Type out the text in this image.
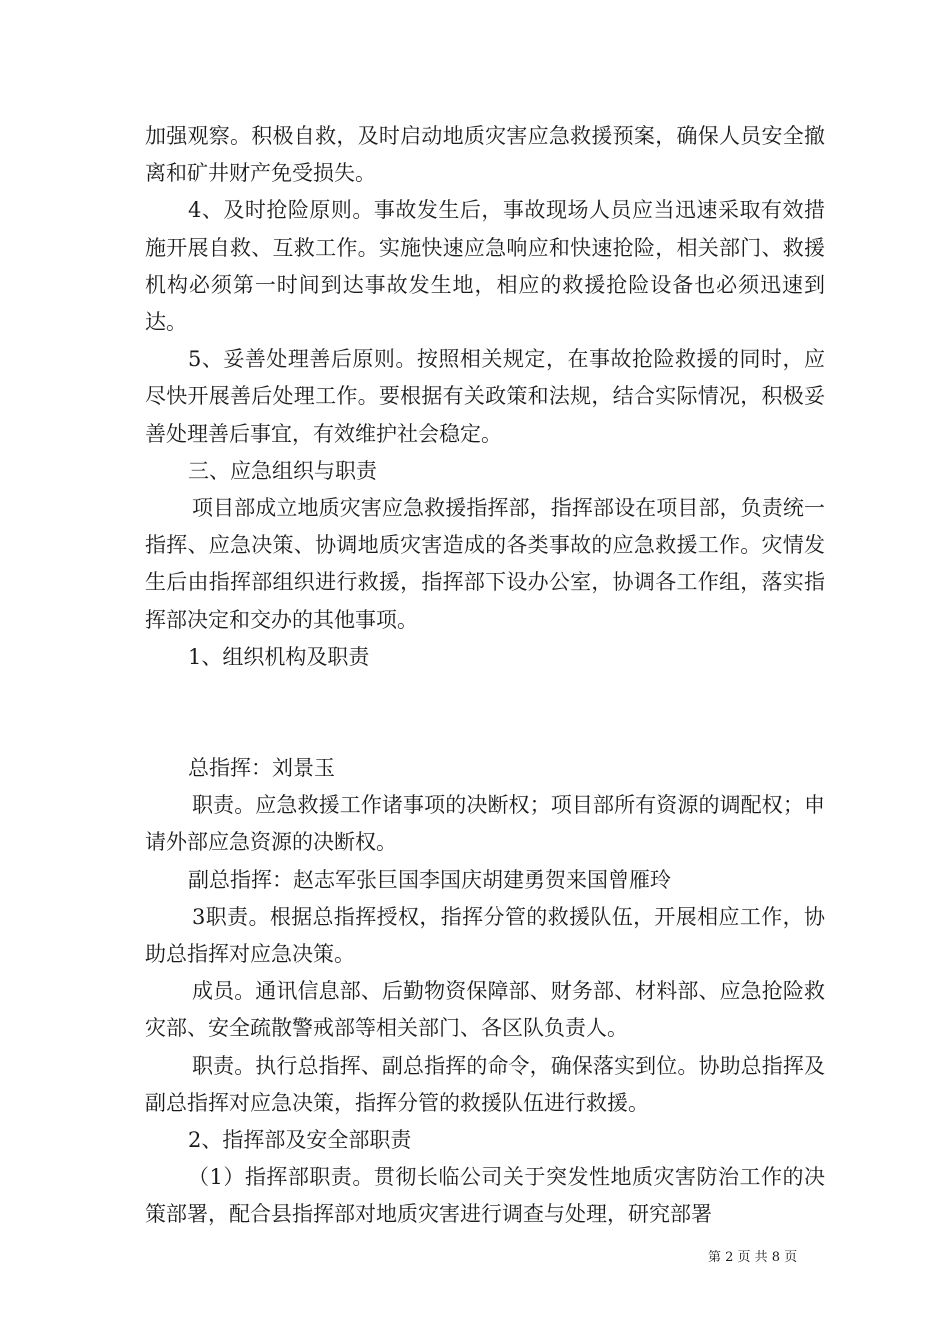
加强观察。积极自救，及时启动地质灾害应急救援预案，确保人员安全撤离和矿井财产免受损失。

4、及时抢险原则。事故发生后，事故现场人员应当迅速采取有效措施开展自救、互救工作。实施快速应急响应和快速抢险，相关部门、救援机构必须第一时间到达事故发生地，相应的救援抢险设备也必须迅速到达。

5、妥善处理善后原则。按照相关规定，在事故抢险救援的同时，应尽快开展善后处理工作。要根据有关政策和法规，结合实际情况，积极妥善处理善后事宜，有效维护社会稳定。

三、应急组织与职责

项目部成立地质灾害应急救援指挥部，指挥部设在项目部，负责统一指挥、应急决策、协调地质灾害造成的各类事故的应急救援工作。灾情发生后由指挥部组织进行救援，指挥部下设办公室，协调各工作组，落实指挥部决定和交办的其他事项。

1、组织机构及职责

总指挥：刘景玉

职责。应急救援工作诸事项的决断权；项目部所有资源的调配权；申请外部应急资源的决断权。

副总指挥：赵志军张巨国李国庆胡建勇贺来国曾雁玲

3职责。根据总指挥授权，指挥分管的救援队伍，开展相应工作，协助总指挥对应急决策。

成员。通讯信息部、后勤物资保障部、财务部、材料部、应急抢险救灾部、安全疏散警戒部等相关部门、各区队负责人。

职责。执行总指挥、副总指挥的命令，确保落实到位。协助总指挥及副总指挥对应急决策，指挥分管的救援队伍进行救援。

2、指挥部及安全部职责

（1）指挥部职责。贯彻长临公司关于突发性地质灾害防治工作的决策部署，配合县指挥部对地质灾害进行调查与处理，研究部署

第 2 页 共 8 页
